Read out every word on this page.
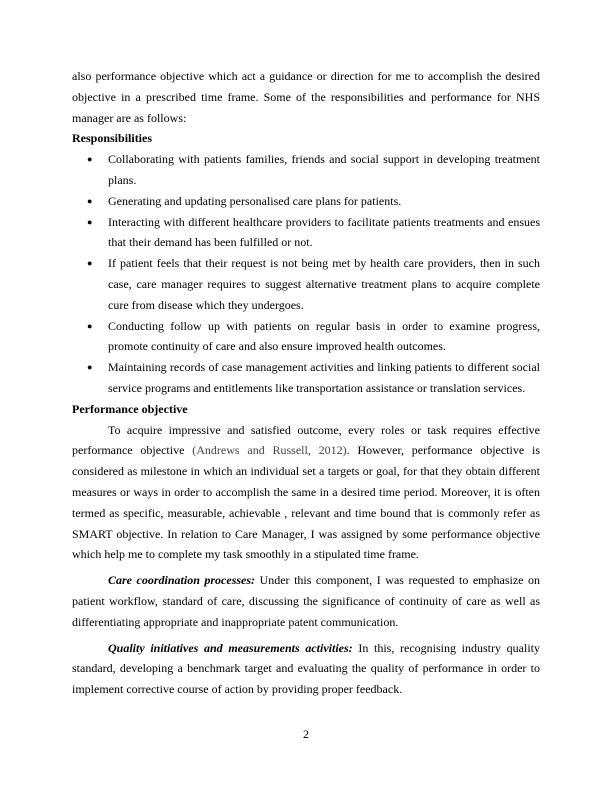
also performance objective which act a guidance or direction for me to accomplish the desired objective in a prescribed time frame. Some of the responsibilities and performance for NHS manager are as follows:

Responsibilities
● Collaborating with patients families, friends and social support in developing treatment plans.
● Generating and updating personalised care plans for patients.
● Interacting with different healthcare providers to facilitate patients treatments and ensues that their demand has been fulfilled or not.
● If patient feels that their request is not being met by health care providers, then in such case, care manager requires to suggest alternative treatment plans to acquire complete cure from disease which they undergoes.
● Conducting follow up with patients on regular basis in order to examine progress, promote continuity of care and also ensure improved health outcomes.
● Maintaining records of case management activities and linking patients to different social service programs and entitlements like transportation assistance or translation services.
Performance objective

To acquire impressive and satisfied outcome, every roles or task requires effective performance objective (Andrews and Russell, 2012). However, performance objective is considered as milestone in which an individual set a targets or goal, for that they obtain different measures or ways in order to accomplish the same in a desired time period. Moreover, it is often termed as specific, measurable, achievable , relevant and time bound that is commonly refer as SMART objective. In relation to Care Manager, I was assigned by some performance objective which help me to complete my task smoothly in a stipulated time frame.

Care coordination processes: Under this component, I was requested to emphasize on patient workflow, standard of care, discussing the significance of continuity of care as well as differentiating appropriate and inappropriate patent communication.

Quality initiatives and measurements activities: In this, recognising industry quality standard, developing a benchmark target and evaluating the quality of performance in order to implement corrective course of action by providing proper feedback.

2
